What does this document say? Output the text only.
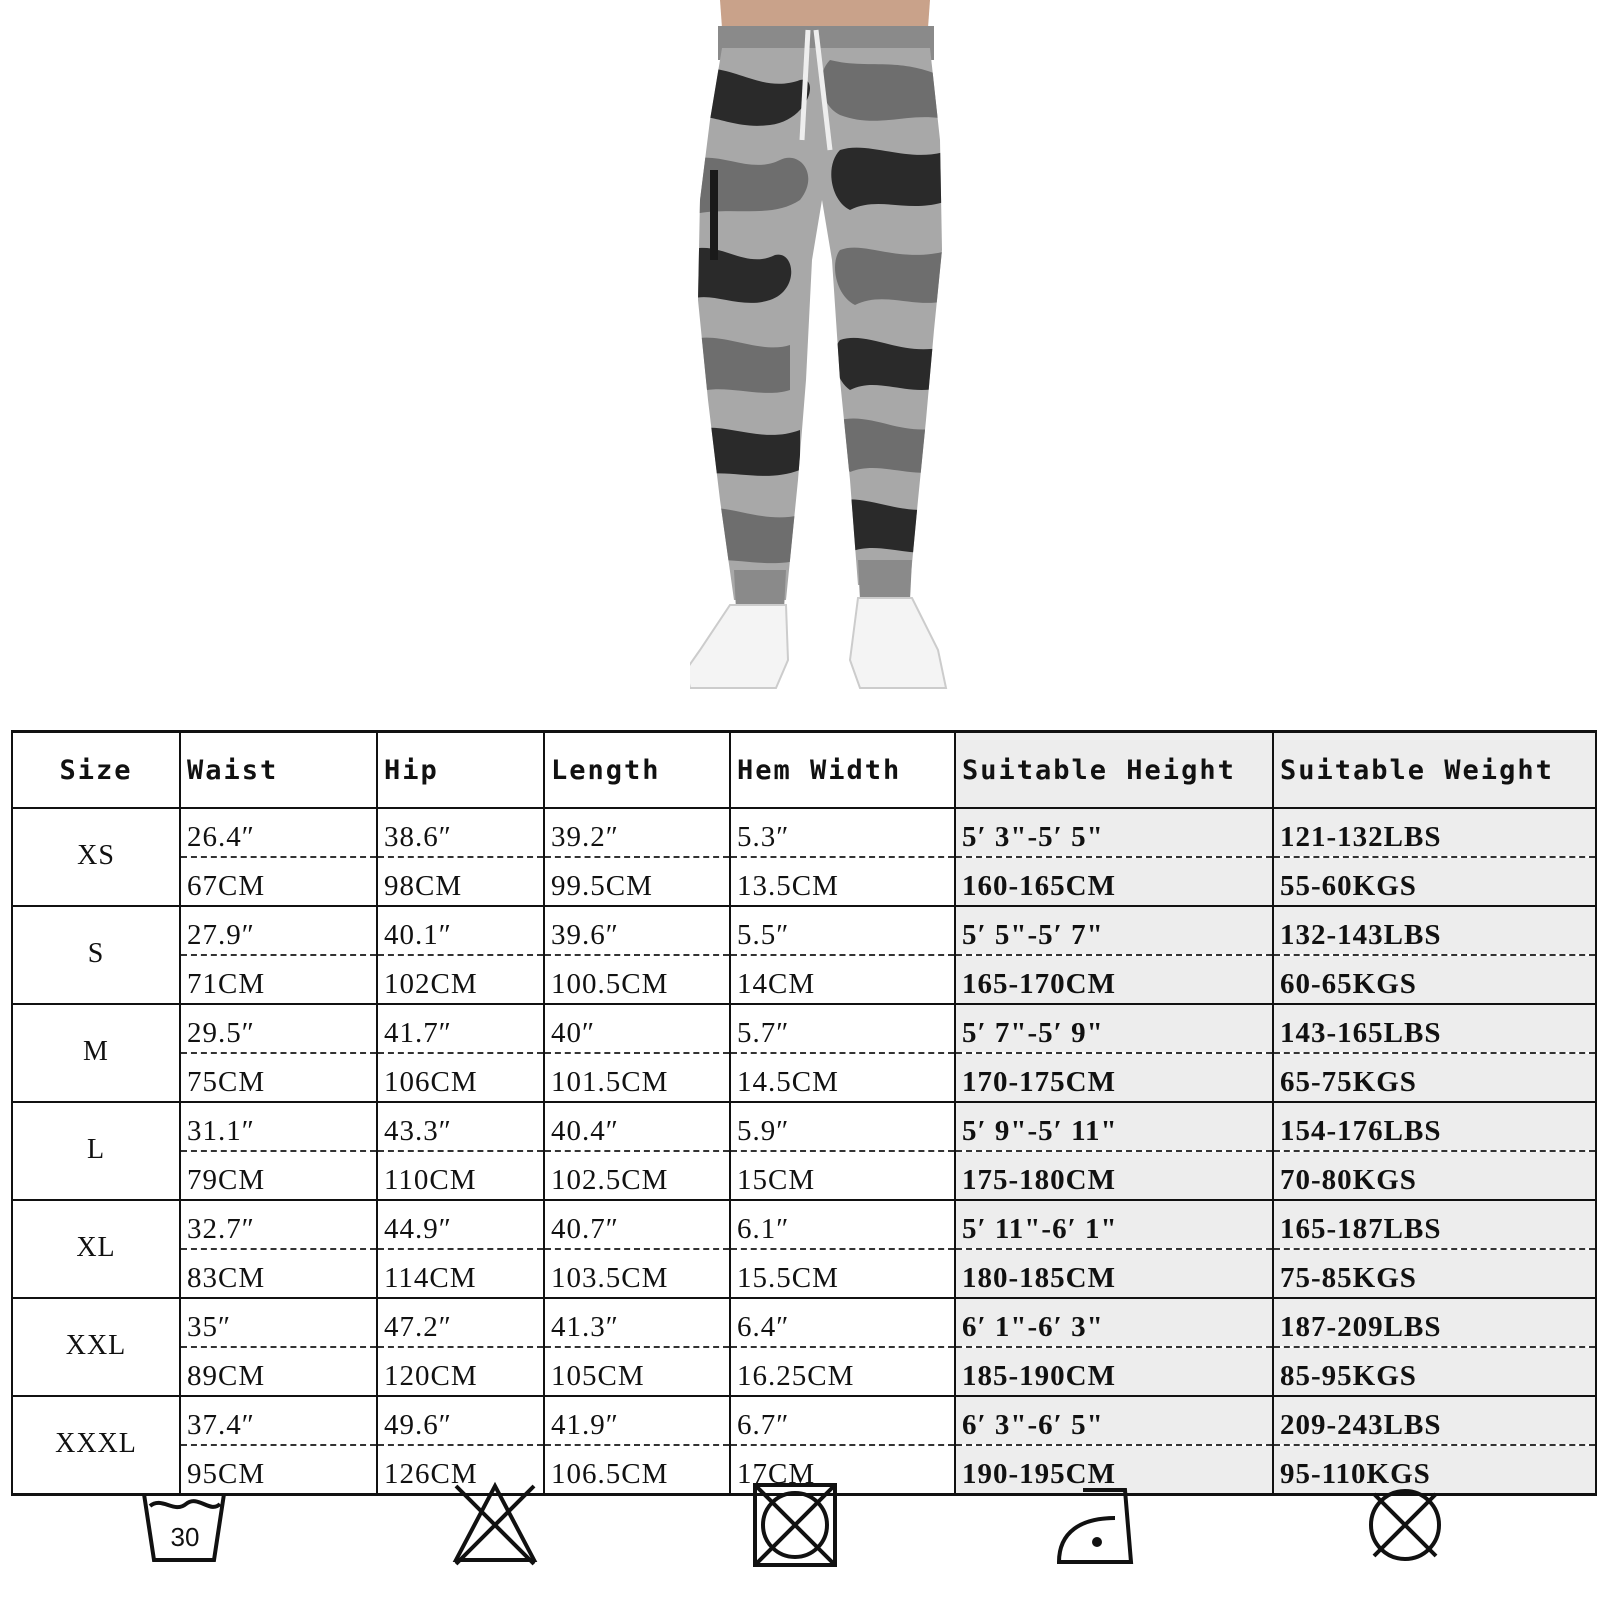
Size	Waist	Hip	Length	Hem Width	Suitable Height	Suitable Weight
XS	26.4″	38.6″	39.2″	5.3″	5′ 3"-5′ 5"	121-132LBS
	67CM	98CM	99.5CM	13.5CM	160-165CM	55-60KGS
S	27.9″	40.1″	39.6″	5.5″	5′ 5"-5′ 7"	132-143LBS
	71CM	102CM	100.5CM	14CM	165-170CM	60-65KGS
M	29.5″	41.7″	40″	5.7″	5′ 7"-5′ 9"	143-165LBS
	75CM	106CM	101.5CM	14.5CM	170-175CM	65-75KGS
L	31.1″	43.3″	40.4″	5.9″	5′ 9"-5′ 11"	154-176LBS
	79CM	110CM	102.5CM	15CM	175-180CM	70-80KGS
XL	32.7″	44.9″	40.7″	6.1″	5′ 11"-6′ 1"	165-187LBS
	83CM	114CM	103.5CM	15.5CM	180-185CM	75-85KGS
XXL	35″	47.2″	41.3″	6.4″	6′ 1"-6′ 3"	187-209LBS
	89CM	120CM	105CM	16.25CM	185-190CM	85-95KGS
XXXL	37.4″	49.6″	41.9″	6.7″	6′ 3"-6′ 5"	209-243LBS
	95CM	126CM	106.5CM	17CM	190-195CM	95-110KGS
30
